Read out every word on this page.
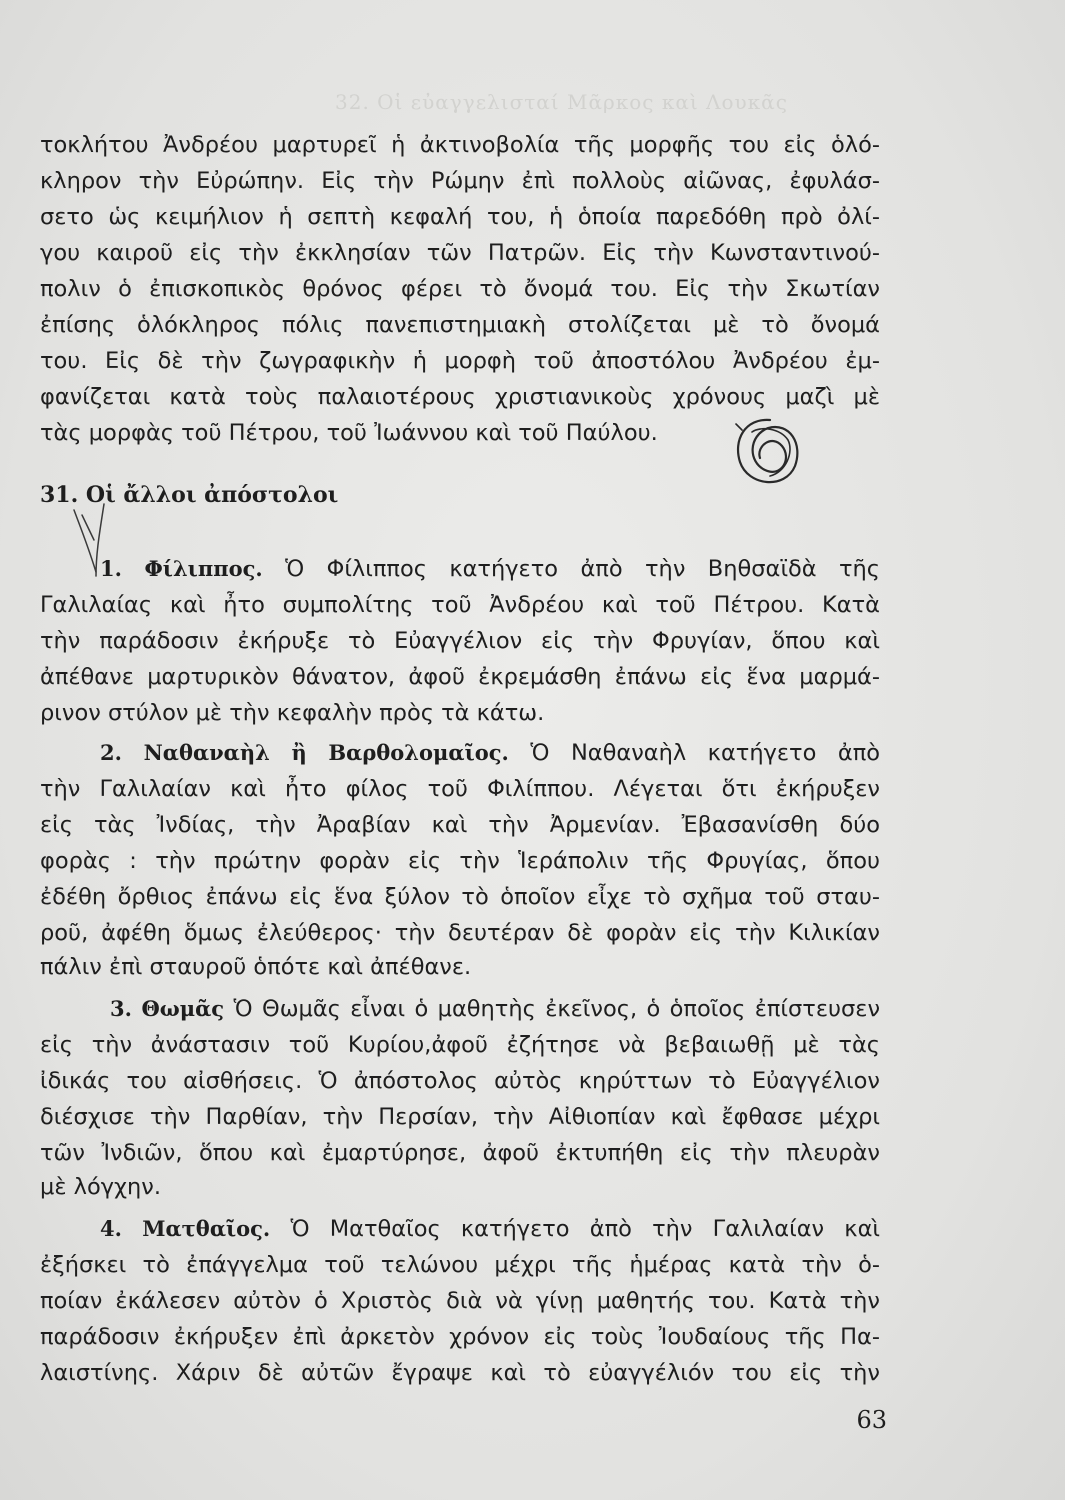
32. Οἱ εὐαγγελισταί Μᾶρκος καὶ Λουκᾶς
τοκλήτου Ἀνδρέου μαρτυρεῖ ἡ ἀκτινοβολία τῆς μορφῆς του εἰς ὁλό-
κληρον τὴν Εὐρώπην. Εἰς τὴν Ρώμην ἐπὶ πολλοὺς αἰῶνας, ἐφυλάσ-
σετο ὡς κειμήλιον ἡ σεπτὴ κεφαλή του, ἡ ὁποία παρεδόθη πρὸ ὀλί-
γου καιροῦ εἰς τὴν ἐκκλησίαν τῶν Πατρῶν. Εἰς τὴν Κωνσταντινού-
πολιν ὁ ἐπισκοπικὸς θρόνος φέρει τὸ ὄνομά του. Εἰς τὴν Σκωτίαν
ἐπίσης ὁλόκληρος πόλις πανεπιστημιακὴ στολίζεται μὲ τὸ ὄνομά
του. Εἰς δὲ τὴν ζωγραφικὴν ἡ μορφὴ τοῦ ἀποστόλου Ἀνδρέου ἐμ-
φανίζεται κατὰ τοὺς παλαιοτέρους χριστιανικοὺς χρόνους μαζὶ μὲ
τὰς μορφὰς τοῦ Πέτρου, τοῦ Ἰωάννου καὶ τοῦ Παύλου.
31. Οἱ ἄλλοι ἀπόστολοι
1. Φίλιππος. Ὁ Φίλιππος κατήγετο ἀπὸ τὴν Βηθσαϊδὰ τῆς
Γαλιλαίας καὶ ἦτο συμπολίτης τοῦ Ἀνδρέου καὶ τοῦ Πέτρου. Κατὰ
τὴν παράδοσιν ἐκήρυξε τὸ Εὐαγγέλιον εἰς τὴν Φρυγίαν, ὅπου καὶ
ἀπέθανε μαρτυρικὸν θάνατον, ἀφοῦ ἐκρεμάσθη ἐπάνω εἰς ἕνα μαρμά-
ρινον στύλον μὲ τὴν κεφαλὴν πρὸς τὰ κάτω.
2. Ναθαναὴλ ἢ Βαρθολομαῖος. Ὁ Ναθαναὴλ κατήγετο ἀπὸ
τὴν Γαλιλαίαν καὶ ἦτο φίλος τοῦ Φιλίππου. Λέγεται ὅτι ἐκήρυξεν
εἰς τὰς Ἰνδίας, τὴν Ἀραβίαν καὶ τὴν Ἀρμενίαν. Ἐβασανίσθη δύο
φορὰς : τὴν πρώτην φορὰν εἰς τὴν Ἱεράπολιν τῆς Φρυγίας, ὅπου
ἐδέθη ὄρθιος ἐπάνω εἰς ἕνα ξύλον τὸ ὁποῖον εἶχε τὸ σχῆμα τοῦ σταυ-
ροῦ, ἀφέθη ὅμως ἐλεύθερος· τὴν δευτέραν δὲ φορὰν εἰς τὴν Κιλικίαν
πάλιν ἐπὶ σταυροῦ ὁπότε καὶ ἀπέθανε.
3. Θωμᾶς Ὁ Θωμᾶς εἶναι ὁ μαθητὴς ἐκεῖνος, ὁ ὁποῖος ἐπίστευσεν
εἰς τὴν ἀνάστασιν τοῦ Κυρίου,ἀφοῦ ἐζήτησε νὰ βεβαιωθῇ μὲ τὰς
ἰδικάς του αἰσθήσεις. Ὁ ἀπόστολος αὐτὸς κηρύττων τὸ Εὐαγγέλιον
διέσχισε τὴν Παρθίαν, τὴν Περσίαν, τὴν Αἰθιοπίαν καὶ ἔφθασε μέχρι
τῶν Ἰνδιῶν, ὅπου καὶ ἐμαρτύρησε, ἀφοῦ ἐκτυπήθη εἰς τὴν πλευρὰν
μὲ λόγχην.
4. Ματθαῖος. Ὁ Ματθαῖος κατήγετο ἀπὸ τὴν Γαλιλαίαν καὶ
ἐξήσκει τὸ ἐπάγγελμα τοῦ τελώνου μέχρι τῆς ἡμέρας κατὰ τὴν ὁ-
ποίαν ἐκάλεσεν αὐτὸν ὁ Χριστὸς διὰ νὰ γίνῃ μαθητής του. Κατὰ τὴν
παράδοσιν ἐκήρυξεν ἐπὶ ἀρκετὸν χρόνον εἰς τοὺς Ἰουδαίους τῆς Πα-
λαιστίνης. Χάριν δὲ αὐτῶν ἔγραψε καὶ τὸ εὐαγγέλιόν του εἰς τὴν
63
